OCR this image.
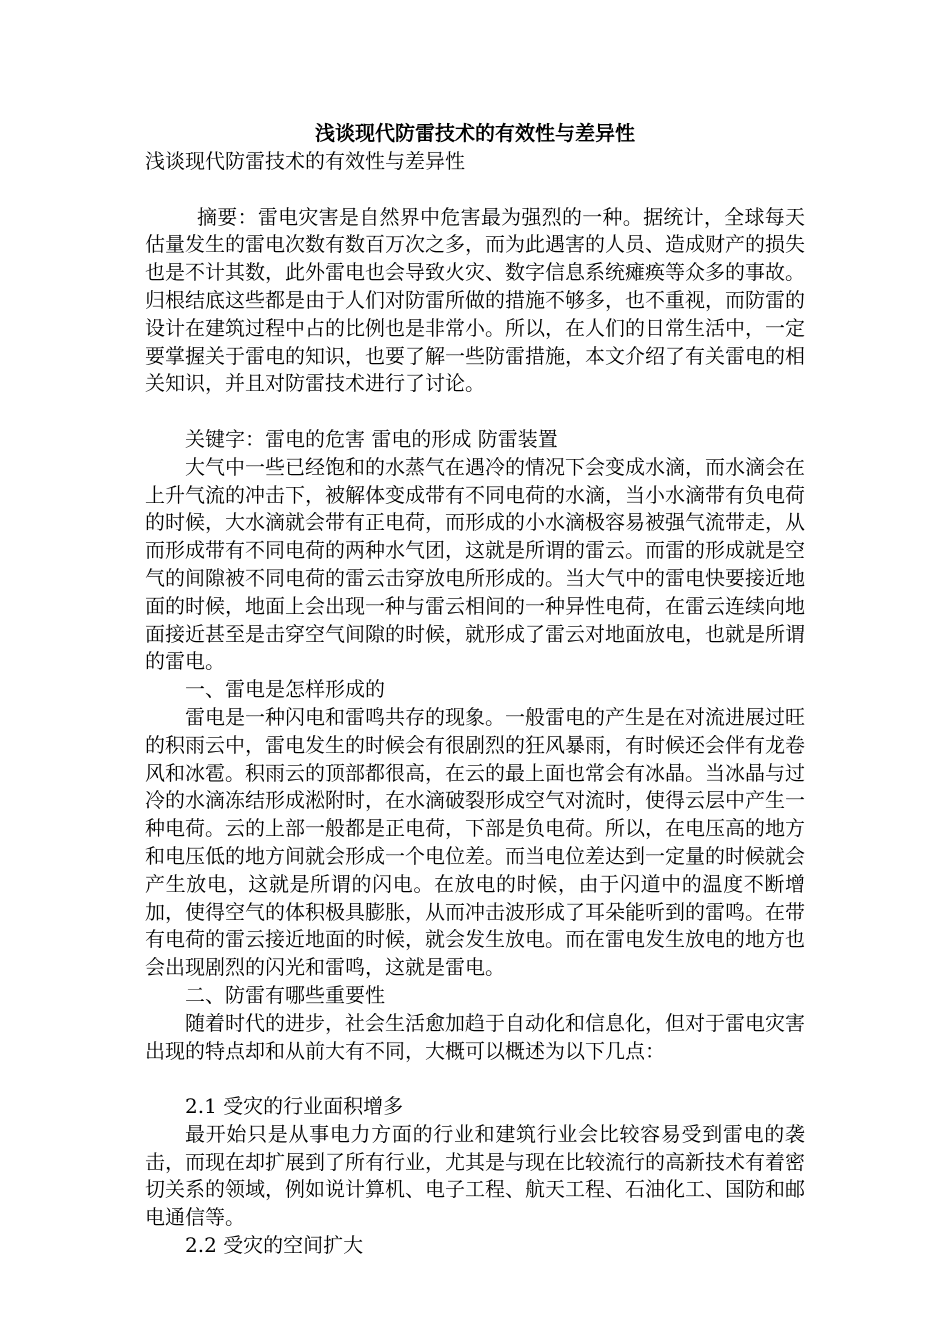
浅谈现代防雷技术的有效性与差异性

浅谈现代防雷技术的有效性与差异性

摘要：雷电灾害是自然界中危害最为强烈的一种。据统计，全球每天估量发生的雷电次数有数百万次之多，而为此遇害的人员、造成财产的损失也是不计其数，此外雷电也会导致火灾、数字信息系统瘫痪等众多的事故。归根结底这些都是由于人们对防雷所做的措施不够多，也不重视，而防雷的设计在建筑过程中占的比例也是非常小。所以，在人们的日常生活中，一定要掌握关于雷电的知识，也要了解一些防雷措施，本文介绍了有关雷电的相关知识，并且对防雷技术进行了讨论。

关键字：雷电的危害 雷电的形成 防雷装置

大气中一些已经饱和的水蒸气在遇冷的情况下会变成水滴，而水滴会在上升气流的冲击下，被解体变成带有不同电荷的水滴，当小水滴带有负电荷的时候，大水滴就会带有正电荷，而形成的小水滴极容易被强气流带走，从而形成带有不同电荷的两种水气团，这就是所谓的雷云。而雷的形成就是空气的间隙被不同电荷的雷云击穿放电所形成的。当大气中的雷电快要接近地面的时候，地面上会出现一种与雷云相间的一种异性电荷，在雷云连续向地面接近甚至是击穿空气间隙的时候，就形成了雷云对地面放电，也就是所谓的雷电。

一、雷电是怎样形成的

雷电是一种闪电和雷鸣共存的现象。一般雷电的产生是在对流进展过旺的积雨云中，雷电发生的时候会有很剧烈的狂风暴雨，有时候还会伴有龙卷风和冰雹。积雨云的顶部都很高，在云的最上面也常会有冰晶。当冰晶与过冷的水滴冻结形成淞附时，在水滴破裂形成空气对流时，使得云层中产生一种电荷。云的上部一般都是正电荷，下部是负电荷。所以，在电压高的地方和电压低的地方间就会形成一个电位差。而当电位差达到一定量的时候就会产生放电，这就是所谓的闪电。在放电的时候，由于闪道中的温度不断增加，使得空气的体积极具膨胀，从而冲击波形成了耳朵能听到的雷鸣。在带有电荷的雷云接近地面的时候，就会发生放电。而在雷电发生放电的地方也会出现剧烈的闪光和雷鸣，这就是雷电。

二、防雷有哪些重要性

随着时代的进步，社会生活愈加趋于自动化和信息化，但对于雷电灾害出现的特点却和从前大有不同，大概可以概述为以下几点：

2.1 受灾的行业面积增多

最开始只是从事电力方面的行业和建筑行业会比较容易受到雷电的袭击，而现在却扩展到了所有行业，尤其是与现在比较流行的高新技术有着密切关系的领域，例如说计算机、电子工程、航天工程、石油化工、国防和邮电通信等。

2.2 受灾的空间扩大
